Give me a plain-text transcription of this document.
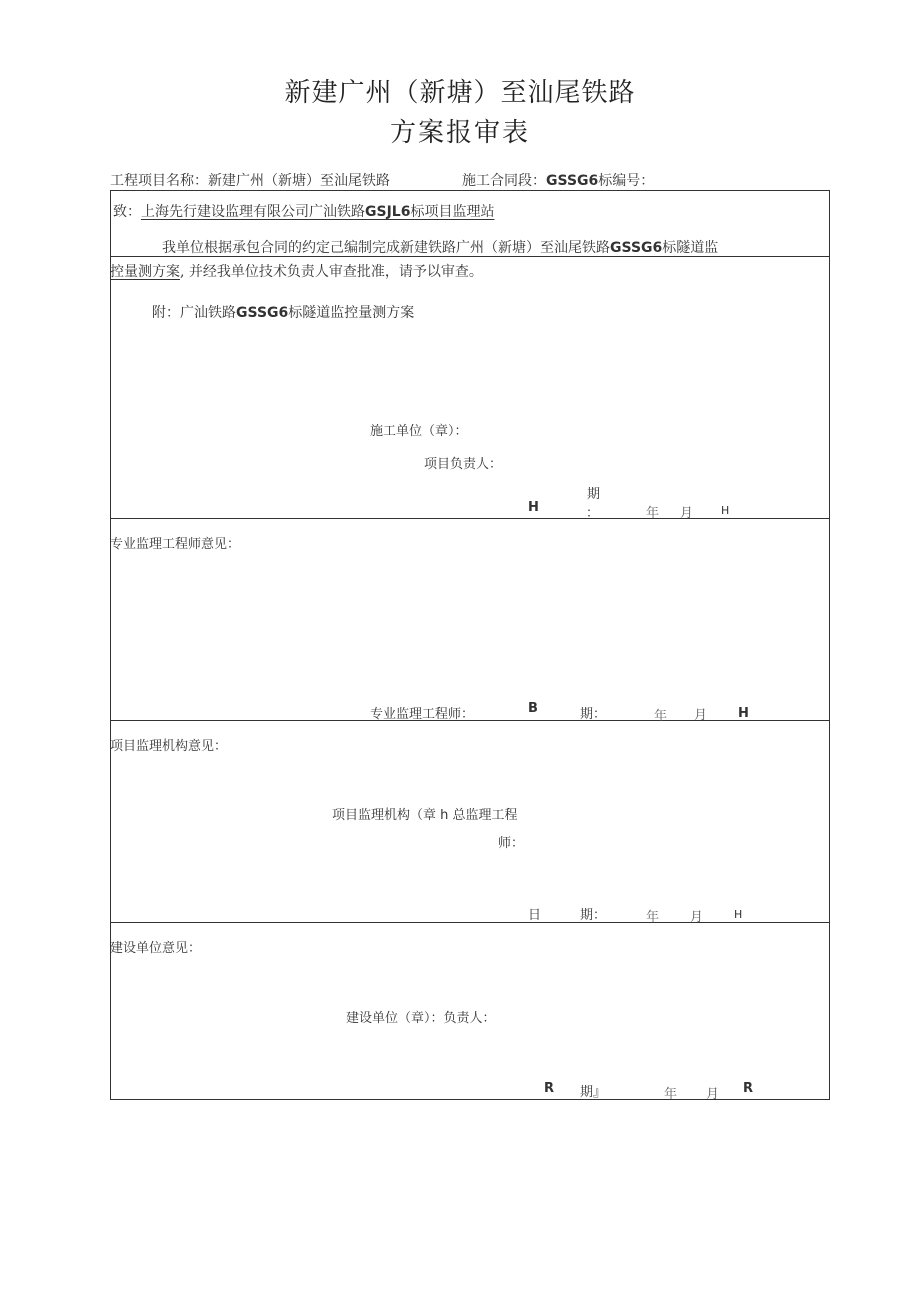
新建广州（新塘）至汕尾铁路
方案报审表
工程项目名称：新建广州（新塘）至汕尾铁路	施工合同段：GSSG6标编号：
致：上海先行建设监理有限公司广汕铁路GSJL6标项目监理站
我单位根据承包合同的约定己编制完成新建铁路广州（新塘）至汕尾铁路GSSG6标隧道监
控量测方案, 并经我单位技术负责人审查批准，请予以审查。
附：广汕铁路GSSG6标隧道监控量测方案
施工单位（章）：
项目负责人：
H
期
：	年 月	H
专业监理工程师意见：
专业监理工程师：	B	期：	年 月 H
项目监理机构意见：
项目监理机构（章 h 总监理工程
师：
日	期：	年 月	H
建设单位意见：
建设单位（章）：负责人：
R 期』	年 月 R
